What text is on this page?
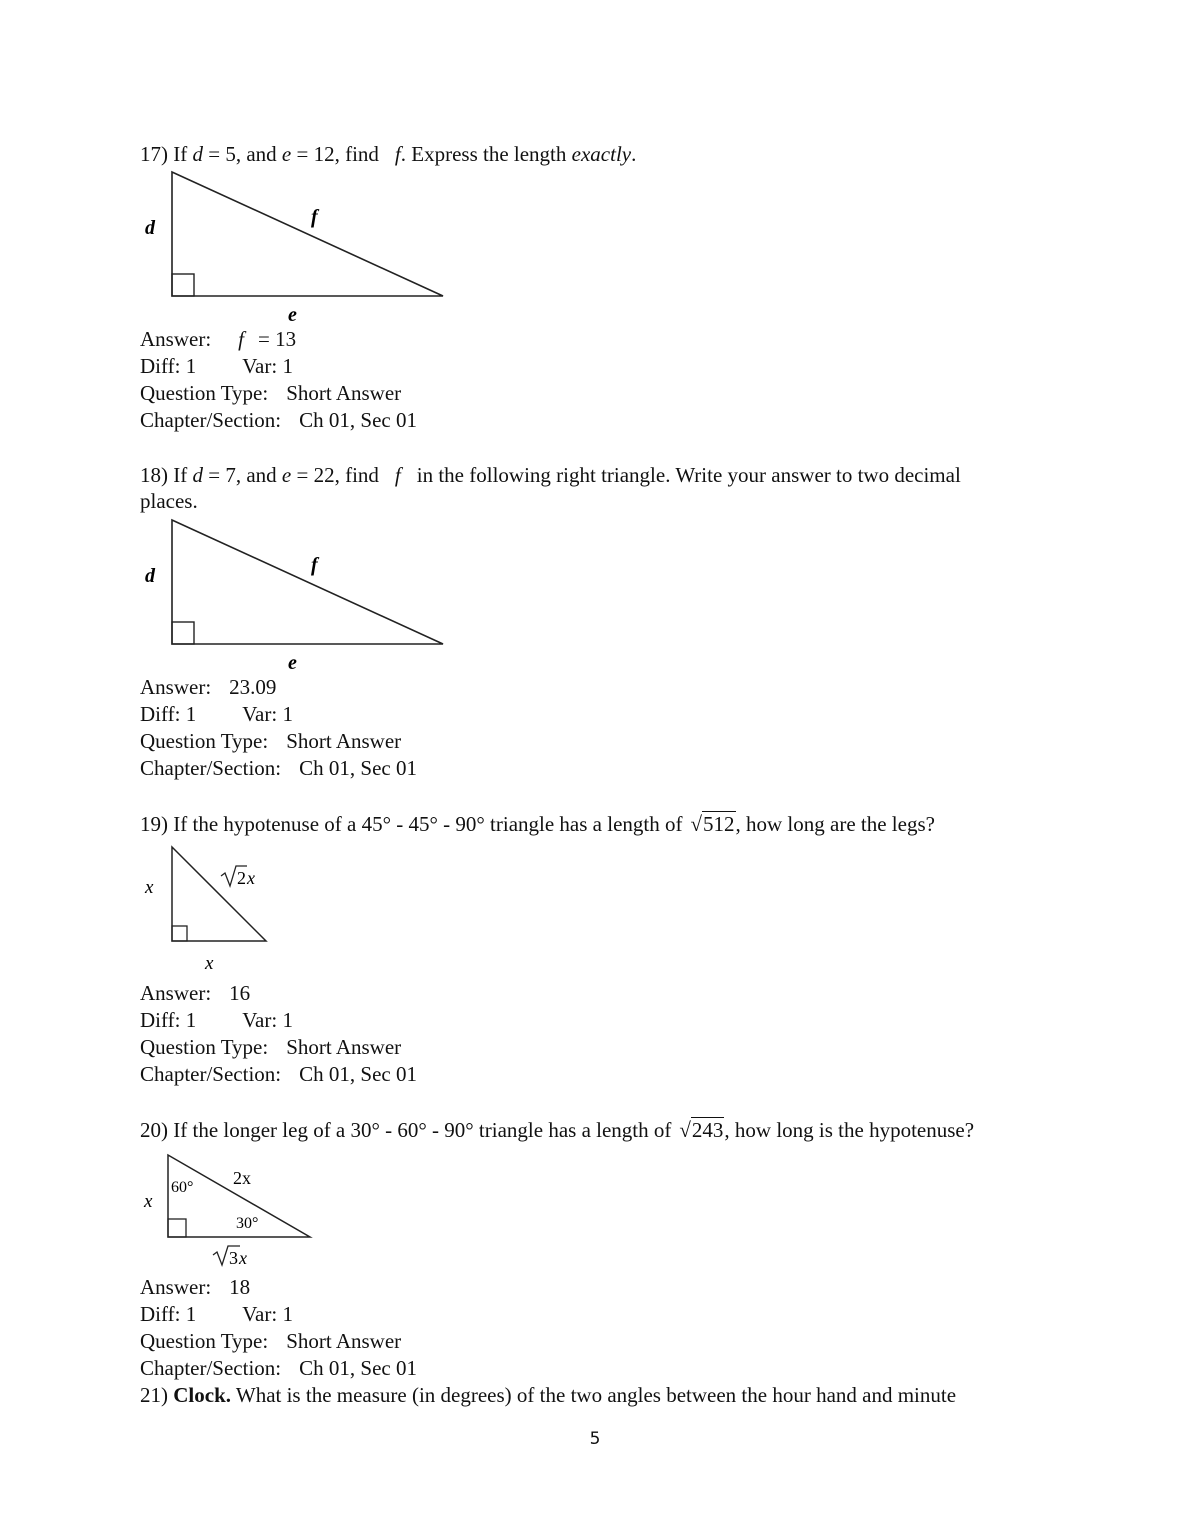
17) If d = 5, and e = 12, find f. Express the length exactly.
d	f
e
Answer: f = 13
Diff: 1 Var: 1
Question Type: Short Answer
Chapter/Section: Ch 01, Sec 01
18) If d = 7, and e = 22, find f in the following right triangle. Write your answer to two decimal
places.
d	f
e
Answer: 23.09
Diff: 1 Var: 1
Question Type: Short Answer
Chapter/Section: Ch 01, Sec 01
19) If the hypotenuse of a 45° - 45° - 90° triangle has a length of √512, how long are the legs?
x
x
2 x
Answer: 16
Diff: 1 Var: 1
Question Type: Short Answer
Chapter/Section: Ch 01, Sec 01
20) If the longer leg of a 30° - 60° - 90° triangle has a length of √243, how long is the hypotenuse?
x
60° 2x
30°
3 x
Answer: 18
Diff: 1 Var: 1
Question Type: Short Answer
Chapter/Section: Ch 01, Sec 01
21) Clock. What is the measure (in degrees) of the two angles between the hour hand and minute
5
